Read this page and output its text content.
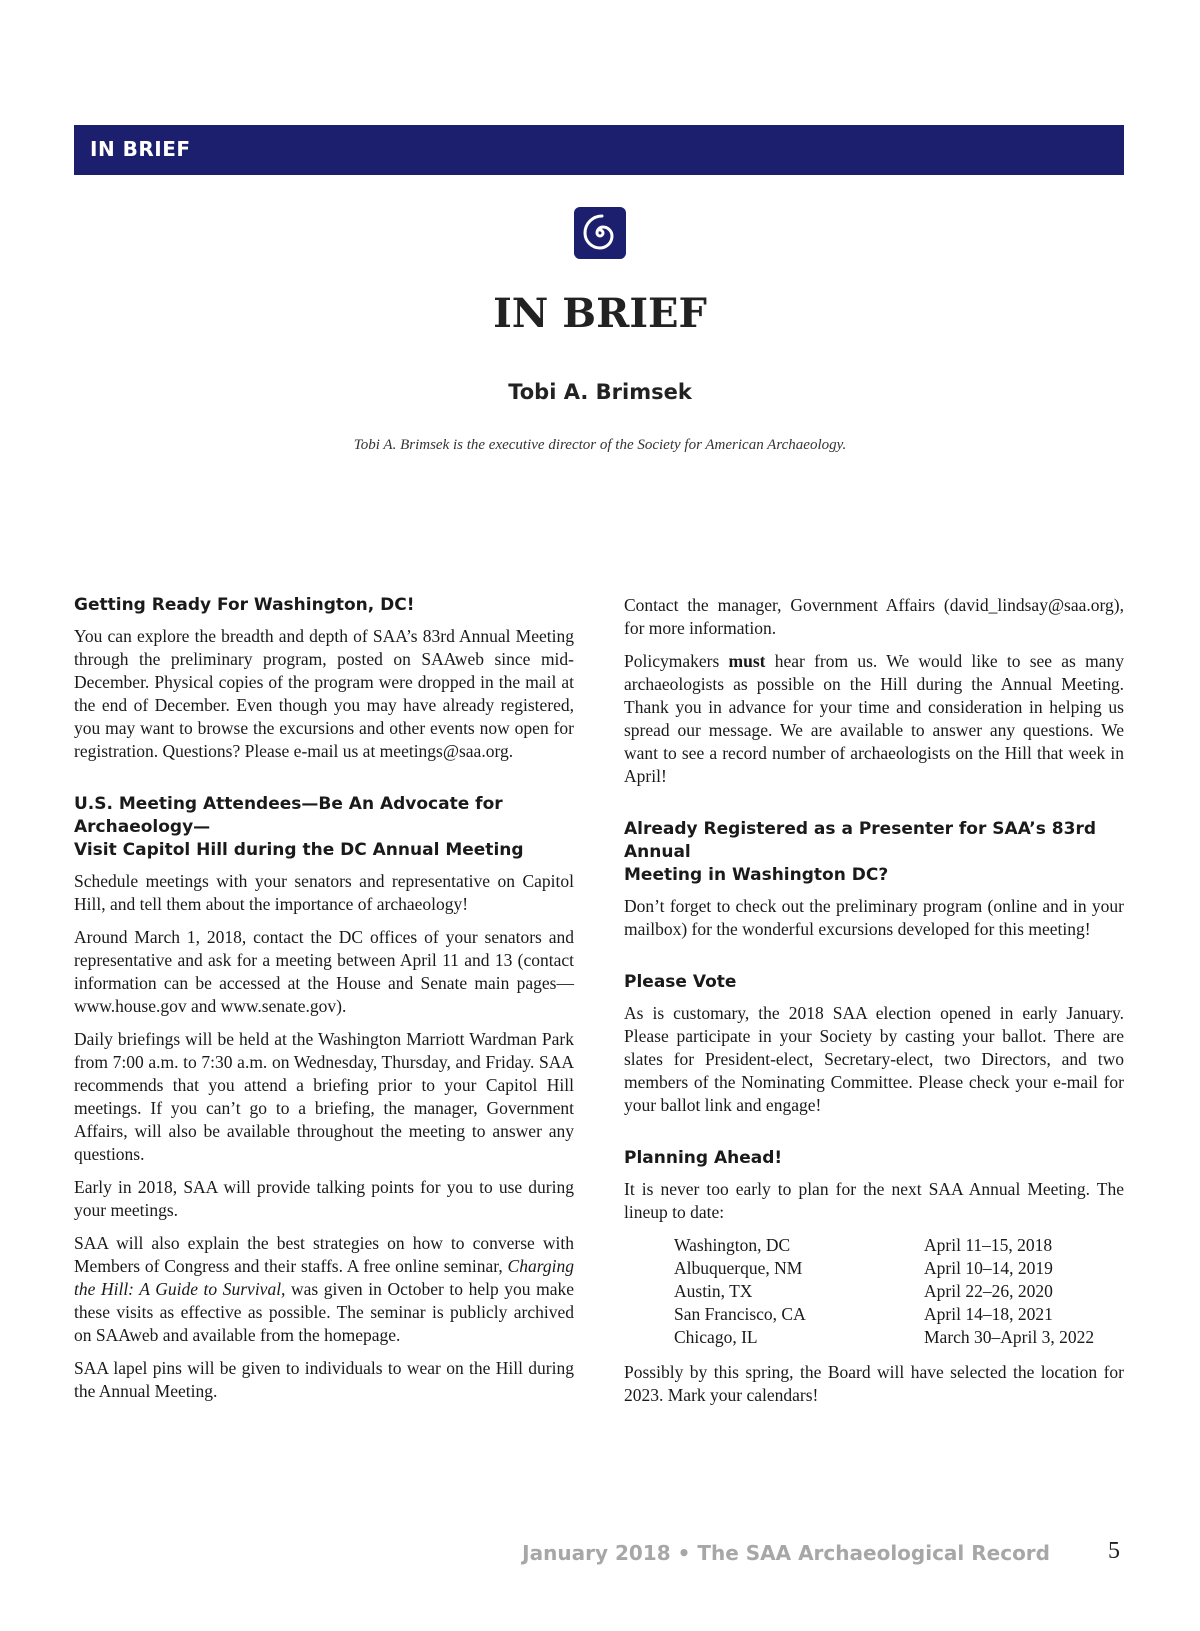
IN BRIEF
IN BRIEF
Tobi A. Brimsek

Tobi A. Brimsek is the executive director of the Society for American Archaeology.

Getting Ready For Washington, DC!

You can explore the breadth and depth of SAA’s 83rd Annual Meeting through the preliminary program, posted on SAAweb since mid-December. Physical copies of the program were dropped in the mail at the end of December. Even though you may have already registered, you may want to browse the excursions and other events now open for registration. Questions? Please e-mail us at meetings@saa.org.

U.S. Meeting Attendees—Be An Advocate for Archaeology—
Visit Capitol Hill during the DC Annual Meeting

Schedule meetings with your senators and representative on Capitol Hill, and tell them about the importance of archaeology!

Around March 1, 2018, contact the DC offices of your senators and representative and ask for a meeting between April 11 and 13 (contact information can be accessed at the House and Senate main pages—www.house.gov and www.senate.gov).

Daily briefings will be held at the Washington Marriott Wardman Park from 7:00 a.m. to 7:30 a.m. on Wednesday, Thursday, and Friday. SAA recommends that you attend a briefing prior to your Capitol Hill meetings. If you can’t go to a briefing, the manager, Government Affairs, will also be available throughout the meeting to answer any questions.

Early in 2018, SAA will provide talking points for you to use during your meetings.

SAA will also explain the best strategies on how to converse with Members of Congress and their staffs. A free online seminar, Charging the Hill: A Guide to Survival, was given in October to help you make these visits as effective as possible. The seminar is publicly archived on SAAweb and available from the homepage.

SAA lapel pins will be given to individuals to wear on the Hill during the Annual Meeting.

Contact the manager, Government Affairs (david_lindsay@saa.org), for more information.

Policymakers must hear from us. We would like to see as many archaeologists as possible on the Hill during the Annual Meeting. Thank you in advance for your time and consideration in helping us spread our message. We are available to answer any questions. We want to see a record number of archaeologists on the Hill that week in April!

Already Registered as a Presenter for SAA’s 83rd Annual
Meeting in Washington DC?

Don’t forget to check out the preliminary program (online and in your mailbox) for the wonderful excursions developed for this meeting!

Please Vote

As is customary, the 2018 SAA election opened in early January. Please participate in your Society by casting your ballot. There are slates for President-elect, Secretary-elect, two Directors, and two members of the Nominating Committee. Please check your e-mail for your ballot link and engage!

Planning Ahead!

It is never too early to plan for the next SAA Annual Meeting. The lineup to date:

Washington, DC	April 11–15, 2018
Albuquerque, NM	April 10–14, 2019
Austin, TX	April 22–26, 2020
San Francisco, CA	April 14–18, 2021
Chicago, IL	March 30–April 3, 2022

Possibly by this spring, the Board will have selected the location for 2023. Mark your calendars!

January 2018 • The SAA Archaeological Record 5
